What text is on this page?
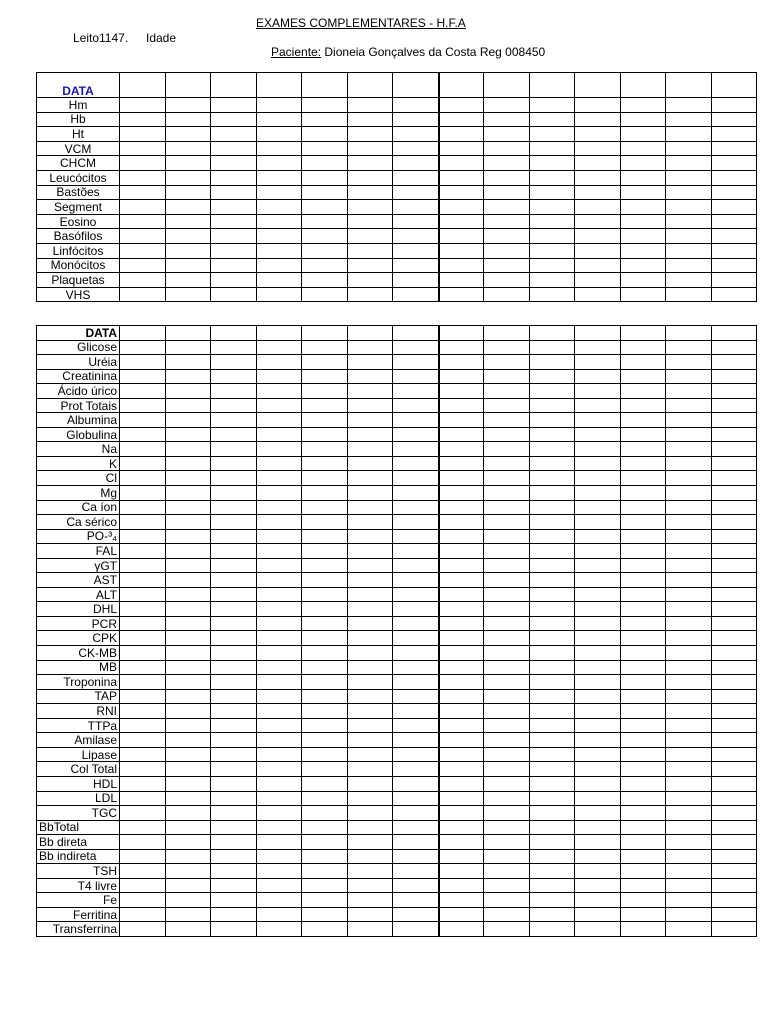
EXAMES COMPLEMENTARES - H.F.A
Leito1147. Idade
Paciente: Dioneia Gonçalves da Costa Reg 008450
DATA														
Hm														
Hb														
Ht														
VCM														
CHCM														
Leucócitos														
Bastões														
Segment														
Eosino														
Basófilos														
Linfócitos														
Monócitos														
Plaquetas														
VHS														
DATA														
Glicose														
Uréia														
Creatinina														
Ácido úrico														
Prot Totais														
Albumina														
Globulina														
Na														
K														
Cl														
Mg														
Ca íon														
Ca sérico														
PO-³₄														
FAL														
γGT														
AST														
ALT														
DHL														
PCR														
CPK														
CK-MB														
MB														
Troponina														
TAP														
RNI														
TTPa														
Amilase														
Lipase														
Col Total														
HDL														
LDL														
TGC														
BbTotal														
Bb direta														
Bb indireta														
TSH														
T4 livre														
Fe														
Ferritina														
Transferrina														
